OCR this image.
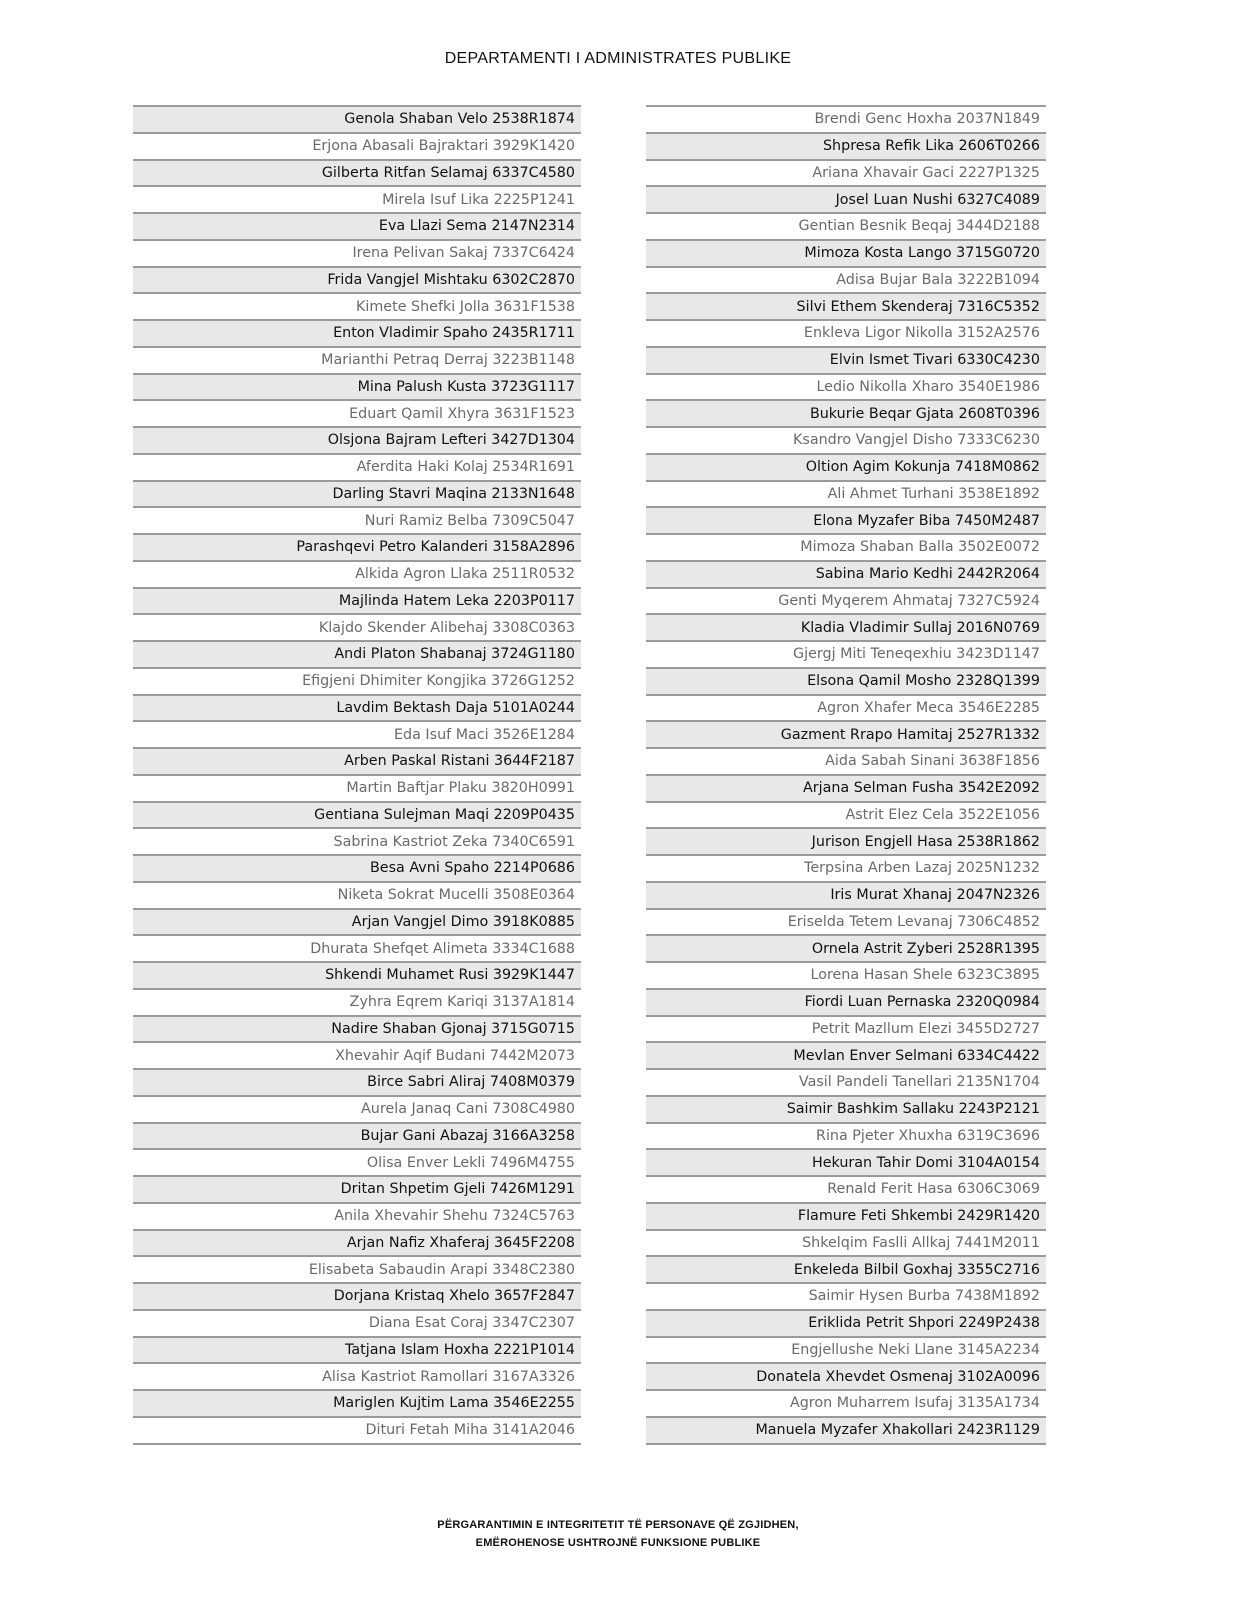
DEPARTAMENTI I ADMINISTRATES PUBLIKE
Genola Shaban Velo 2538R1874
Erjona Abasali Bajraktari 3929K1420
Gilberta Ritfan Selamaj 6337C4580
Mirela Isuf Lika 2225P1241
Eva Llazi Sema 2147N2314
Irena Pelivan Sakaj 7337C6424
Frida Vangjel Mishtaku 6302C2870
Kimete Shefki Jolla 3631F1538
Enton Vladimir Spaho 2435R1711
Marianthi Petraq Derraj 3223B1148
Mina Palush Kusta 3723G1117
Eduart Qamil Xhyra 3631F1523
Olsjona Bajram Lefteri 3427D1304
Aferdita Haki Kolaj 2534R1691
Darling Stavri Maqina 2133N1648
Nuri Ramiz Belba 7309C5047
Parashqevi Petro Kalanderi 3158A2896
Alkida Agron Llaka 2511R0532
Majlinda Hatem Leka 2203P0117
Klajdo Skender Alibehaj 3308C0363
Andi Platon Shabanaj 3724G1180
Efigjeni Dhimiter Kongjika 3726G1252
Lavdim Bektash Daja 5101A0244
Eda Isuf Maci 3526E1284
Arben Paskal Ristani 3644F2187
Martin Baftjar Plaku 3820H0991
Gentiana Sulejman Maqi 2209P0435
Sabrina Kastriot Zeka 7340C6591
Besa Avni Spaho 2214P0686
Niketa Sokrat Mucelli 3508E0364
Arjan Vangjel Dimo 3918K0885
Dhurata Shefqet Alimeta 3334C1688
Shkendi Muhamet Rusi 3929K1447
Zyhra Eqrem Kariqi 3137A1814
Nadire Shaban Gjonaj 3715G0715
Xhevahir Aqif Budani 7442M2073
Birce Sabri Aliraj 7408M0379
Aurela Janaq Cani 7308C4980
Bujar Gani Abazaj 3166A3258
Olisa Enver Lekli 7496M4755
Dritan Shpetim Gjeli 7426M1291
Anila Xhevahir Shehu 7324C5763
Arjan Nafiz Xhaferaj 3645F2208
Elisabeta Sabaudin Arapi 3348C2380
Dorjana Kristaq Xhelo 3657F2847
Diana Esat Coraj 3347C2307
Tatjana Islam Hoxha 2221P1014
Alisa Kastriot Ramollari 3167A3326
Mariglen Kujtim Lama 3546E2255
Dituri Fetah Miha 3141A2046
Brendi Genc Hoxha 2037N1849
Shpresa Refik Lika 2606T0266
Ariana Xhavair Gaci 2227P1325
Josel Luan Nushi 6327C4089
Gentian Besnik Beqaj 3444D2188
Mimoza Kosta Lango 3715G0720
Adisa Bujar Bala 3222B1094
Silvi Ethem Skenderaj 7316C5352
Enkleva Ligor Nikolla 3152A2576
Elvin Ismet Tivari 6330C4230
Ledio Nikolla Xharo 3540E1986
Bukurie Beqar Gjata 2608T0396
Ksandro Vangjel Disho 7333C6230
Oltion Agim Kokunja 7418M0862
Ali Ahmet Turhani 3538E1892
Elona Myzafer Biba 7450M2487
Mimoza Shaban Balla 3502E0072
Sabina Mario Kedhi 2442R2064
Genti Myqerem Ahmataj 7327C5924
Kladia Vladimir Sullaj 2016N0769
Gjergj Miti Teneqexhiu 3423D1147
Elsona Qamil Mosho 2328Q1399
Agron Xhafer Meca 3546E2285
Gazment Rrapo Hamitaj 2527R1332
Aida Sabah Sinani 3638F1856
Arjana Selman Fusha 3542E2092
Astrit Elez Cela 3522E1056
Jurison Engjell Hasa 2538R1862
Terpsina Arben Lazaj 2025N1232
Iris Murat Xhanaj 2047N2326
Eriselda Tetem Levanaj 7306C4852
Ornela Astrit Zyberi 2528R1395
Lorena Hasan Shele 6323C3895
Fiordi Luan Pernaska 2320Q0984
Petrit Mazllum Elezi 3455D2727
Mevlan Enver Selmani 6334C4422
Vasil Pandeli Tanellari 2135N1704
Saimir Bashkim Sallaku 2243P2121
Rina Pjeter Xhuxha 6319C3696
Hekuran Tahir Domi 3104A0154
Renald Ferit Hasa 6306C3069
Flamure Feti Shkembi 2429R1420
Shkelqim Faslli Allkaj 7441M2011
Enkeleda Bilbil Goxhaj 3355C2716
Saimir Hysen Burba 7438M1892
Eriklida Petrit Shpori 2249P2438
Engjellushe Neki Llane 3145A2234
Donatela Xhevdet Osmenaj 3102A0096
Agron Muharrem Isufaj 3135A1734
Manuela Myzafer Xhakollari 2423R1129
PËRGARANTIMIN E INTEGRITETIT TË PERSONAVE QË ZGJIDHEN,
EMËROHENOSE USHTROJNË FUNKSIONE PUBLIKE
